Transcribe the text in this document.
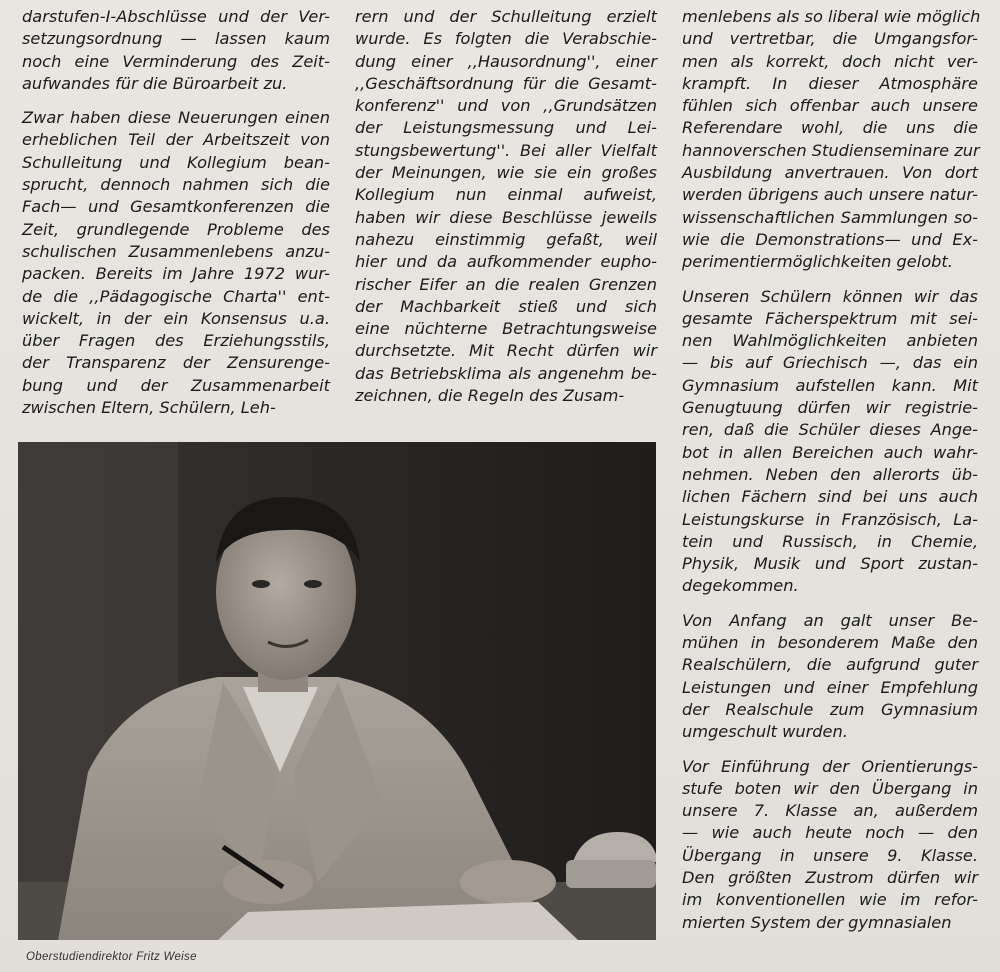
darstufen-I-Abschlüsse und der Ver-
setzungsordnung — lassen kaum
noch eine Verminderung des Zeit-
aufwandes für die Büroarbeit zu.

Zwar haben diese Neuerungen einen
erheblichen Teil der Arbeitszeit von
Schulleitung und Kollegium bean-
sprucht, dennoch nahmen sich die
Fach— und Gesamtkonferenzen die
Zeit, grundlegende Probleme des
schulischen Zusammenlebens anzu-
packen. Bereits im Jahre 1972 wur-
de die ,,Pädagogische Charta'' ent-
wickelt, in der ein Konsensus u.a.
über Fragen des Erziehungsstils,
der Transparenz der Zensurenge-
bung und der Zusammenarbeit
zwischen Eltern, Schülern, Leh-

rern und der Schulleitung erzielt
wurde. Es folgten die Verabschie-
dung einer ,,Hausordnung'', einer
,,Geschäftsordnung für die Gesamt-
konferenz'' und von ,,Grundsätzen
der Leistungsmessung und Lei-
stungsbewertung''. Bei aller Vielfalt
der Meinungen, wie sie ein großes
Kollegium nun einmal aufweist,
haben wir diese Beschlüsse jeweils
nahezu einstimmig gefaßt, weil
hier und da aufkommender eupho-
rischer Eifer an die realen Grenzen
der Machbarkeit stieß und sich
eine nüchterne Betrachtungsweise
durchsetzte. Mit Recht dürfen wir
das Betriebsklima als angenehm be-
zeichnen, die Regeln des Zusam-

menlebens als so liberal wie möglich
und vertretbar, die Umgangsfor-
men als korrekt, doch nicht ver-
krampft. In dieser Atmosphäre
fühlen sich offenbar auch unsere
Referendare wohl, die uns die
hannoverschen Studienseminare zur
Ausbildung anvertrauen. Von dort
werden übrigens auch unsere natur-
wissenschaftlichen Sammlungen so-
wie die Demonstrations— und Ex-
perimentiermöglichkeiten gelobt.

Unseren Schülern können wir das
gesamte Fächerspektrum mit sei-
nen Wahlmöglichkeiten anbieten
— bis auf Griechisch —, das ein
Gymnasium aufstellen kann. Mit
Genugtuung dürfen wir registrie-
ren, daß die Schüler dieses Ange-
bot in allen Bereichen auch wahr-
nehmen. Neben den allerorts üb-
lichen Fächern sind bei uns auch
Leistungskurse in Französisch, La-
tein und Russisch, in Chemie,
Physik, Musik und Sport zustan-
degekommen.

Von Anfang an galt unser Be-
mühen in besonderem Maße den
Realschülern, die aufgrund guter
Leistungen und einer Empfehlung
der Realschule zum Gymnasium
umgeschult wurden.

Vor Einführung der Orientierungs-
stufe boten wir den Übergang in
unsere 7. Klasse an, außerdem
— wie auch heute noch — den
Übergang in unsere 9. Klasse.
Den größten Zustrom dürfen wir
im konventionellen wie im refor-
mierten System der gymnasialen

Oberstudiendirektor Fritz Weise
